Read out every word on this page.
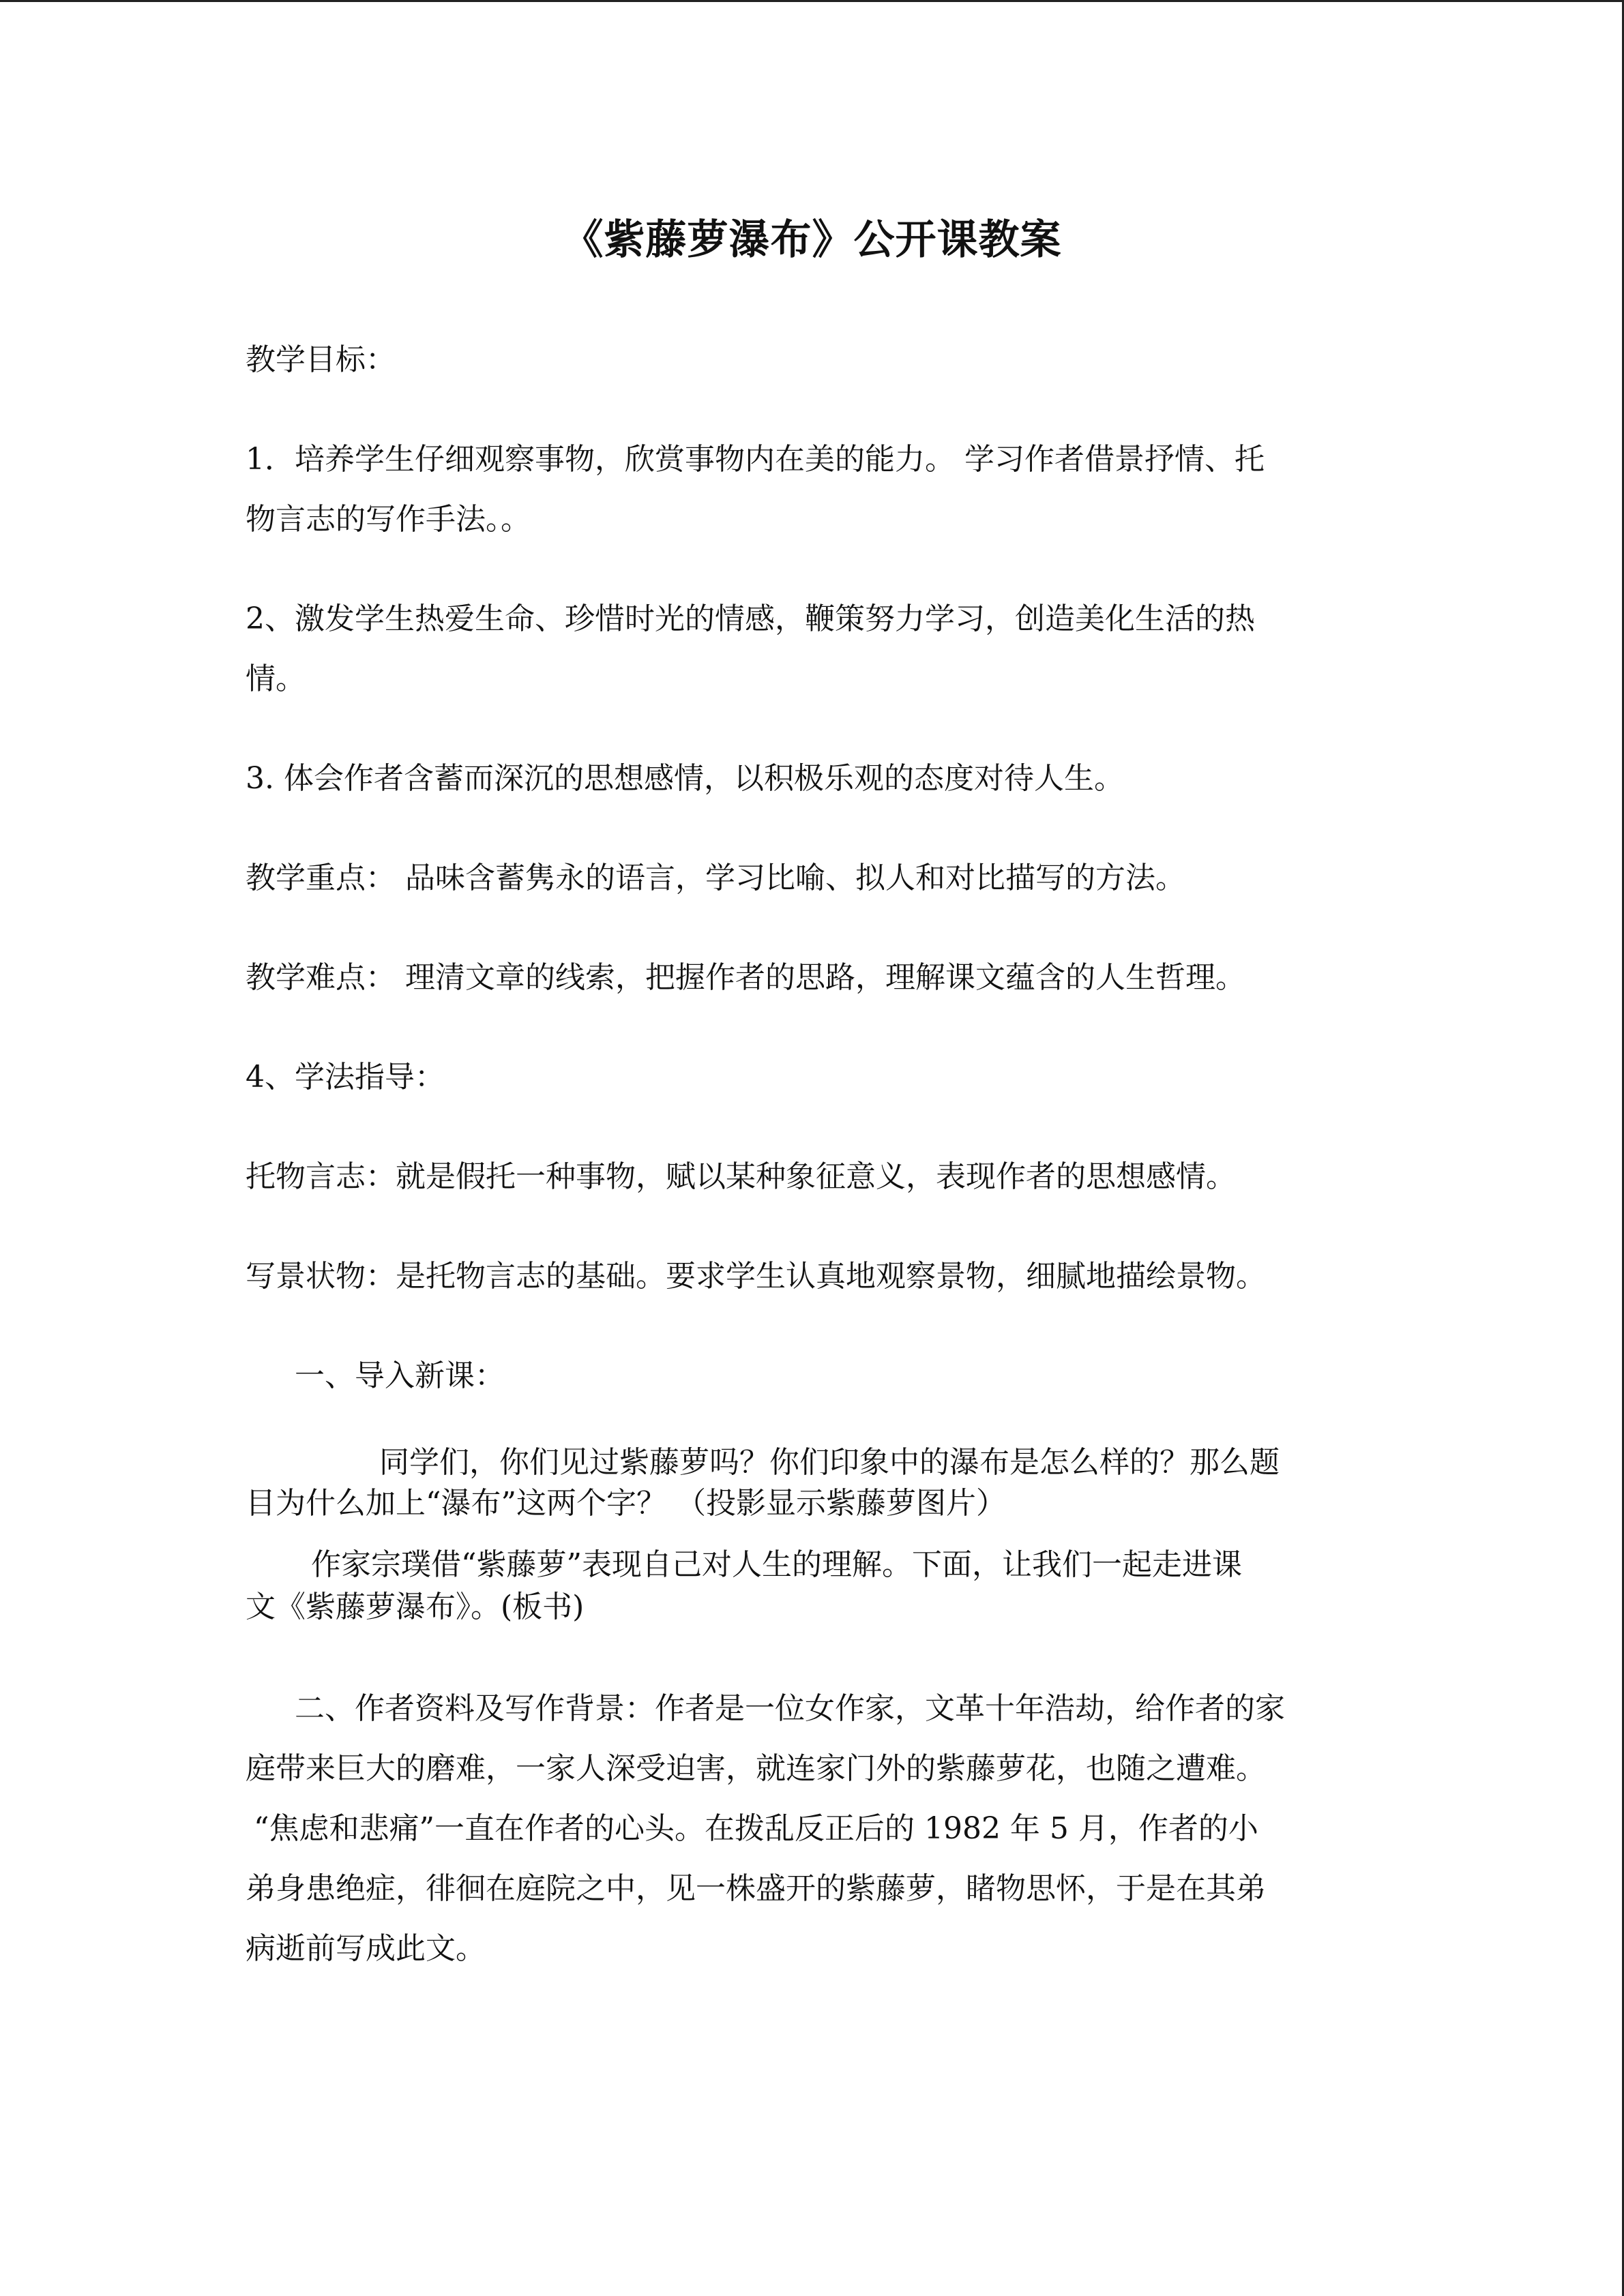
《紫藤萝瀑布》公开课教案
教学目标：
1．培养学生仔细观察事物，欣赏事物内在美的能力。 学习作者借景抒情、托
物言志的写作手法。。
2、激发学生热爱生命、珍惜时光的情感，鞭策努力学习，创造美化生活的热
情。
3. 体会作者含蓄而深沉的思想感情，以积极乐观的态度对待人生。
教学重点： 品味含蓄隽永的语言，学习比喻、拟人和对比描写的方法。
教学难点： 理清文章的线索，把握作者的思路，理解课文蕴含的人生哲理。
4、学法指导：
托物言志：就是假托一种事物，赋以某种象征意义，表现作者的思想感情。
写景状物：是托物言志的基础。要求学生认真地观察景物，细腻地描绘景物。
一、导入新课：
同学们，你们见过紫藤萝吗？你们印象中的瀑布是怎么样的？那么题
目为什么加上“瀑布”这两个字？ （投影显示紫藤萝图片）
作家宗璞借“紫藤萝”表现自己对人生的理解。下面，让我们一起走进课
文《紫藤萝瀑布》。(板书)
二、作者资料及写作背景：作者是一位女作家，文革十年浩劫，给作者的家
庭带来巨大的磨难，一家人深受迫害，就连家门外的紫藤萝花，也随之遭难。
“焦虑和悲痛”一直在作者的心头。在拨乱反正后的 1982 年 5 月，作者的小
弟身患绝症，徘徊在庭院之中，见一株盛开的紫藤萝，睹物思怀，于是在其弟
病逝前写成此文。
